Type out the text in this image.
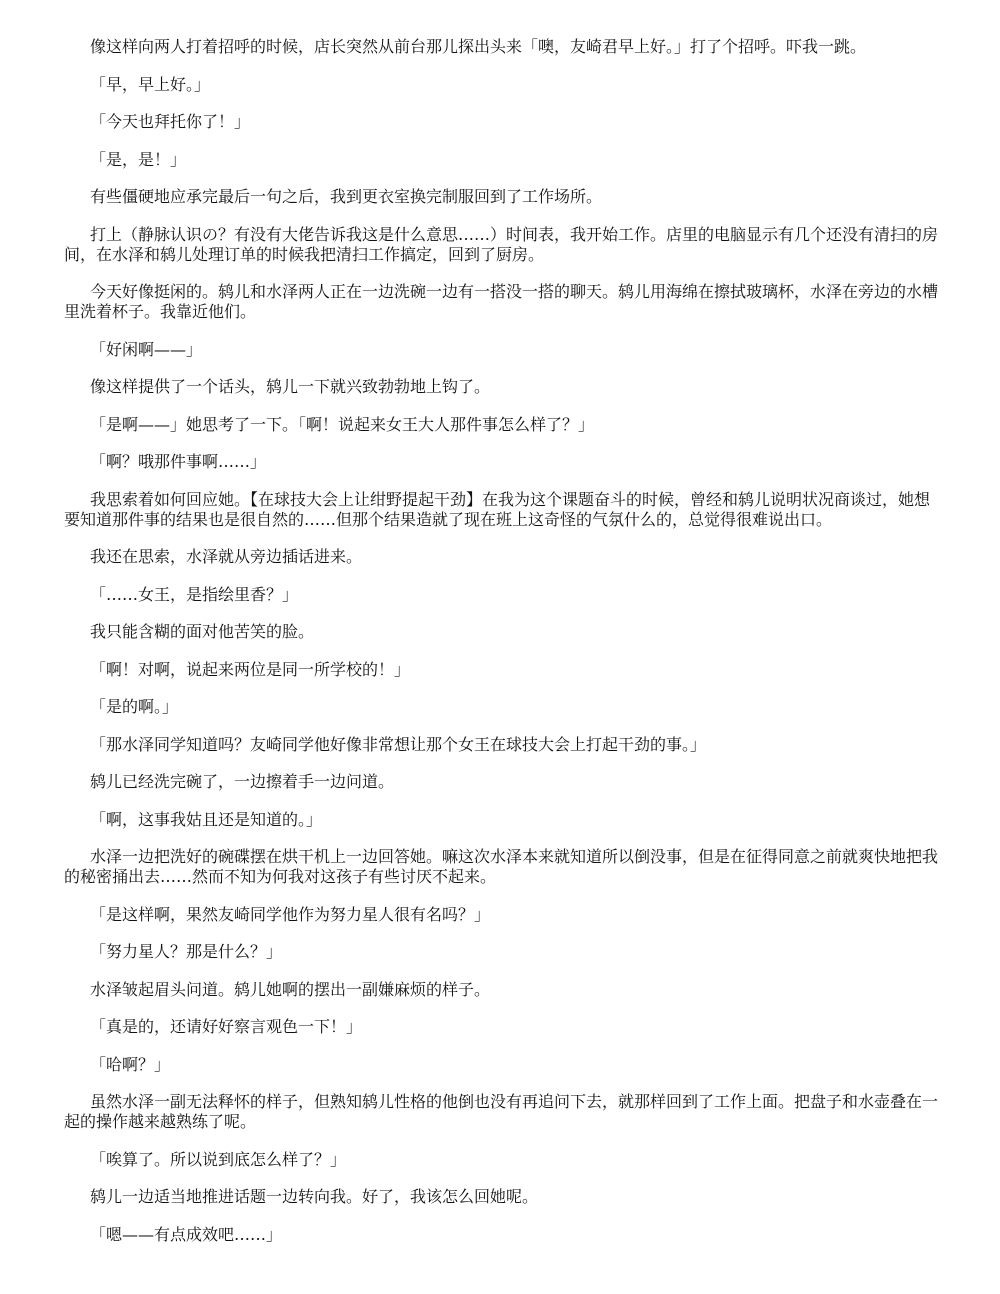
像这样向两人打着招呼的时候，店长突然从前台那儿探出头来「噢，友崎君早上好。」打了个招呼。吓我一跳。

「早，早上好。」

「今天也拜托你了！」

「是，是！」

有些僵硬地应承完最后一句之后，我到更衣室换完制服回到了工作场所。

打上（静脉认识の？有没有大佬告诉我这是什么意思……）时间表，我开始工作。店里的电脑显示有几个还没有清扫的房间，在水泽和鸫儿处理订单的时候我把清扫工作搞定，回到了厨房。

今天好像挺闲的。鸫儿和水泽两人正在一边洗碗一边有一搭没一搭的聊天。鸫儿用海绵在擦拭玻璃杯，水泽在旁边的水槽里洗着杯子。我靠近他们。

「好闲啊——」

像这样提供了一个话头，鸫儿一下就兴致勃勃地上钩了。

「是啊——」她思考了一下。「啊！说起来女王大人那件事怎么样了？」

「啊？哦那件事啊……」

我思索着如何回应她。【在球技大会上让绀野提起干劲】在我为这个课题奋斗的时候，曾经和鸫儿说明状况商谈过，她想要知道那件事的结果也是很自然的……但那个结果造就了现在班上这奇怪的气氛什么的，总觉得很难说出口。

我还在思索，水泽就从旁边插话进来。

「……女王，是指绘里香？」

我只能含糊的面对他苦笑的脸。

「啊！对啊，说起来两位是同一所学校的！」

「是的啊。」

「那水泽同学知道吗？友崎同学他好像非常想让那个女王在球技大会上打起干劲的事。」

鸫儿已经洗完碗了，一边擦着手一边问道。

「啊，这事我姑且还是知道的。」

水泽一边把洗好的碗碟摆在烘干机上一边回答她。嘛这次水泽本来就知道所以倒没事，但是在征得同意之前就爽快地把我的秘密捅出去……然而不知为何我对这孩子有些讨厌不起来。

「是这样啊，果然友崎同学他作为努力星人很有名吗？」

「努力星人？那是什么？」

水泽皱起眉头问道。鸫儿她啊的摆出一副嫌麻烦的样子。

「真是的，还请好好察言观色一下！」

「哈啊？」

虽然水泽一副无法释怀的样子，但熟知鸫儿性格的他倒也没有再追问下去，就那样回到了工作上面。把盘子和水壶叠在一起的操作越来越熟练了呢。

「唉算了。所以说到底怎么样了？」

鸫儿一边适当地推进话题一边转向我。好了，我该怎么回她呢。

「嗯——有点成效吧……」
